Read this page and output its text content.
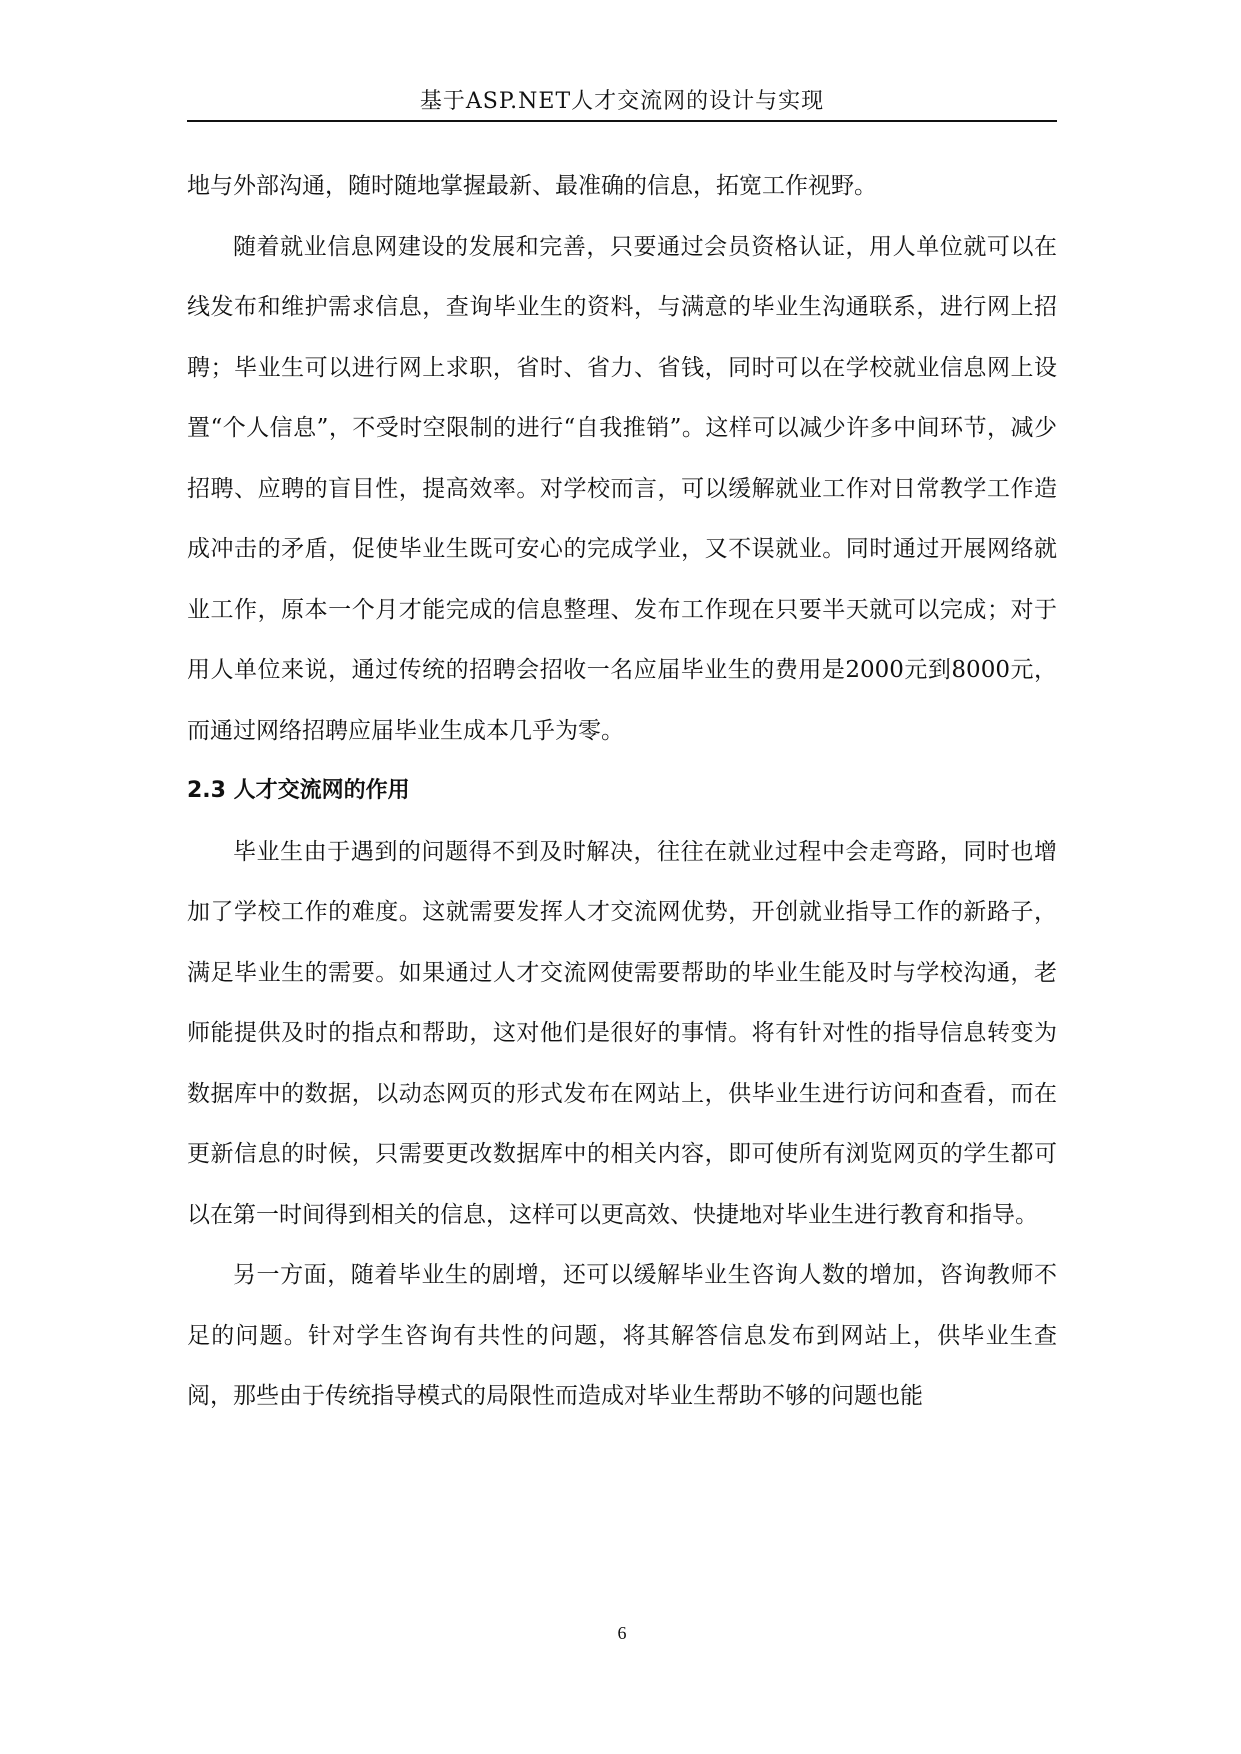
基于ASP.NET人才交流网的设计与实现

地与外部沟通，随时随地掌握最新、最准确的信息，拓宽工作视野。

随着就业信息网建设的发展和完善，只要通过会员资格认证，用人单位就可以在线发布和维护需求信息，查询毕业生的资料，与满意的毕业生沟通联系，进行网上招聘；毕业生可以进行网上求职，省时、省力、省钱，同时可以在学校就业信息网上设置“个人信息”，不受时空限制的进行“自我推销”。这样可以减少许多中间环节，减少招聘、应聘的盲目性，提高效率。对学校而言，可以缓解就业工作对日常教学工作造成冲击的矛盾，促使毕业生既可安心的完成学业，又不误就业。同时通过开展网络就业工作，原本一个月才能完成的信息整理、发布工作现在只要半天就可以完成；对于用人单位来说，通过传统的招聘会招收一名应届毕业生的费用是2000元到8000元，而通过网络招聘应届毕业生成本几乎为零。

2.3 人才交流网的作用

毕业生由于遇到的问题得不到及时解决，往往在就业过程中会走弯路，同时也增加了学校工作的难度。这就需要发挥人才交流网优势，开创就业指导工作的新路子，满足毕业生的需要。如果通过人才交流网使需要帮助的毕业生能及时与学校沟通，老师能提供及时的指点和帮助，这对他们是很好的事情。将有针对性的指导信息转变为数据库中的数据，以动态网页的形式发布在网站上，供毕业生进行访问和查看，而在更新信息的时候，只需要更改数据库中的相关内容，即可使所有浏览网页的学生都可以在第一时间得到相关的信息，这样可以更高效、快捷地对毕业生进行教育和指导。

另一方面，随着毕业生的剧增，还可以缓解毕业生咨询人数的增加，咨询教师不足的问题。针对学生咨询有共性的问题，将其解答信息发布到网站上，供毕业生查阅，那些由于传统指导模式的局限性而造成对毕业生帮助不够的问题也能

6
